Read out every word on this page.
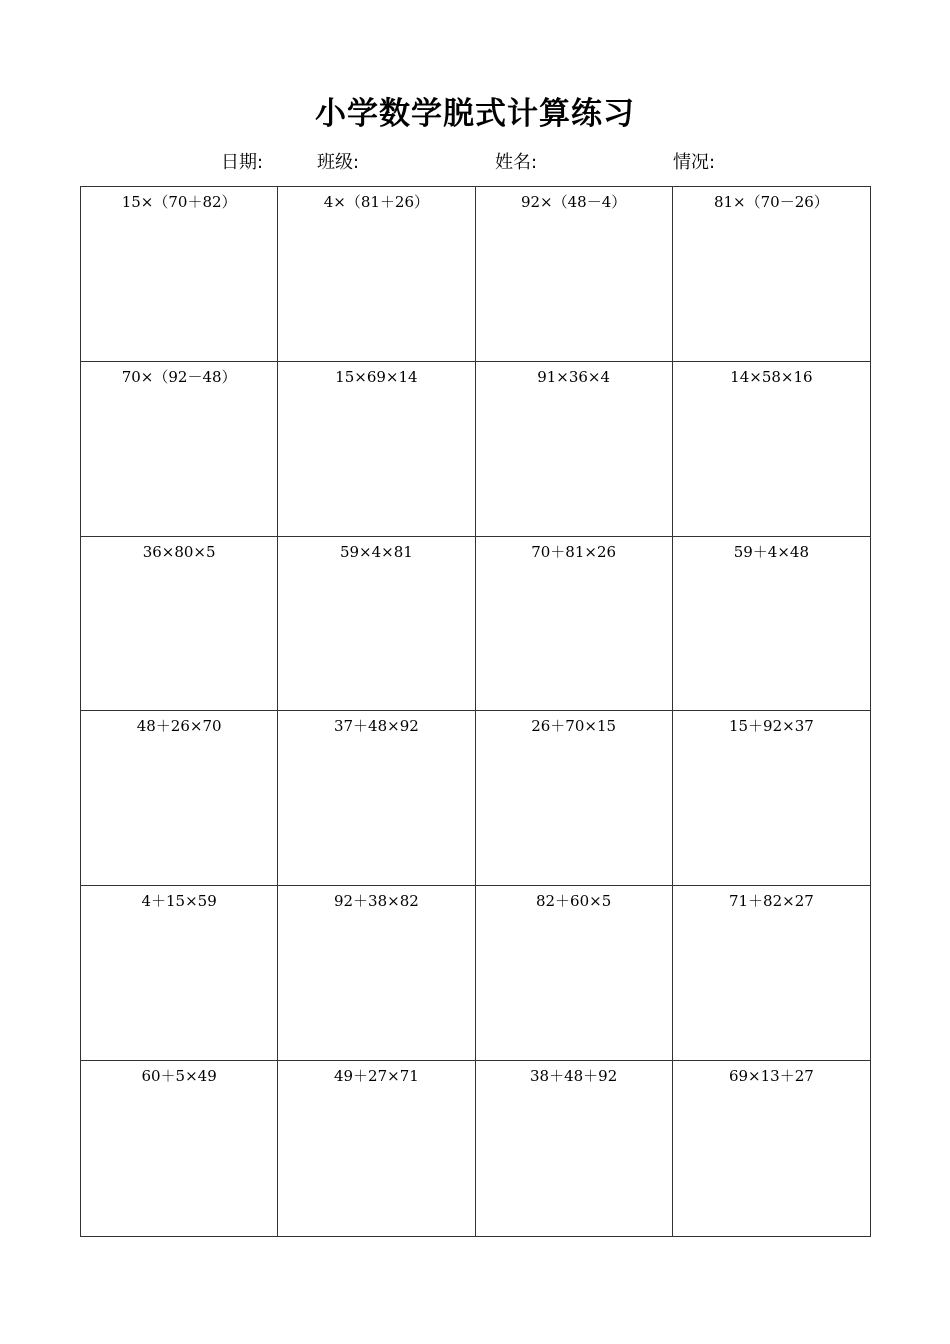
小学数学脱式计算练习
日期:	班级:	姓名:	情况:
15×（70＋82）	4×（81＋26）	92×（48－4）	81×（70－26）
70×（92－48）	15×69×14	91×36×4	14×58×16
36×80×5	59×4×81	70＋81×26	59＋4×48
48＋26×70	37＋48×92	26＋70×15	15＋92×37
4＋15×59	92＋38×82	82＋60×5	71＋82×27
60＋5×49	49＋27×71	38＋48＋92	69×13＋27
